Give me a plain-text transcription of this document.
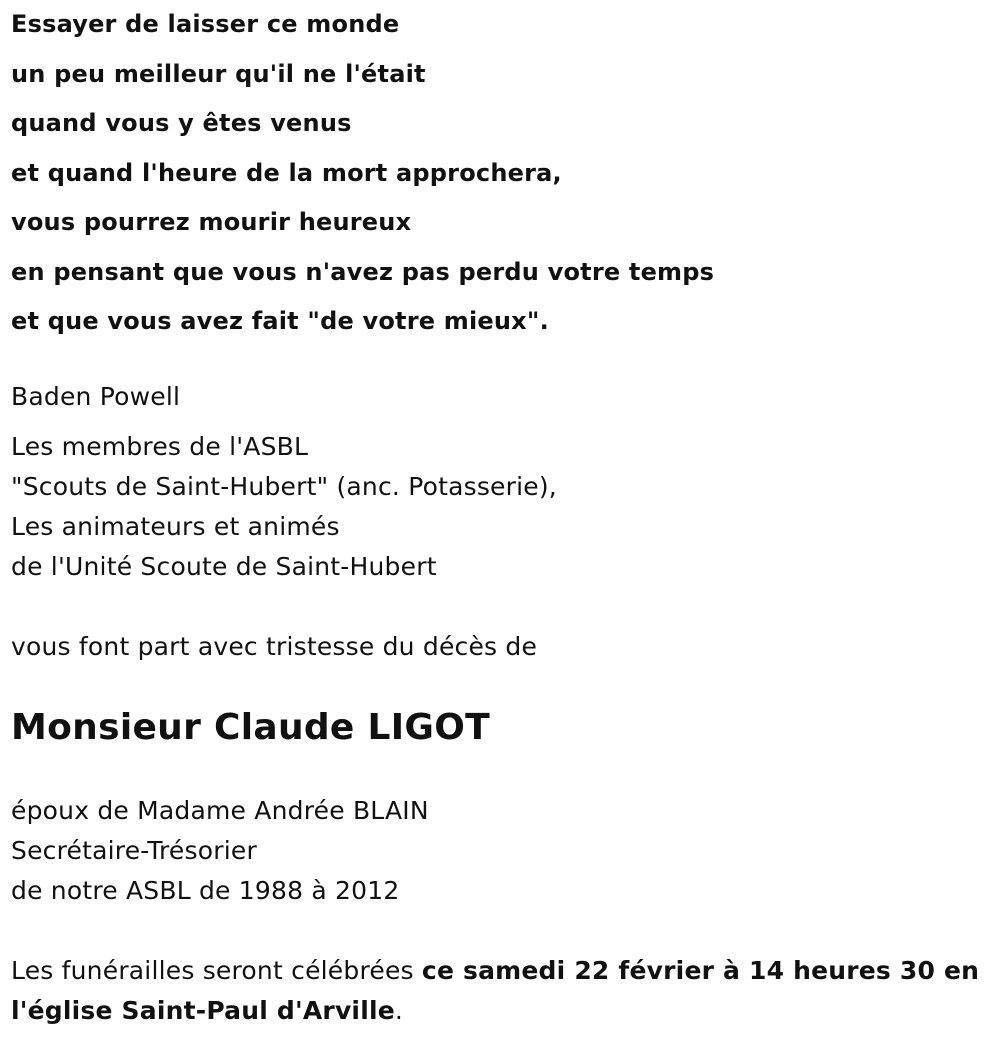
Essayer de laisser ce monde
un peu meilleur qu'il ne l'était
quand vous y êtes venus
et quand l'heure de la mort approchera,
vous pourrez mourir heureux
en pensant que vous n'avez pas perdu votre temps
et que vous avez fait "de votre mieux".
Baden Powell
Les membres de l'ASBL
"Scouts de Saint-Hubert" (anc. Potasserie),
Les animateurs et animés
de l'Unité Scoute de Saint-Hubert
vous font part avec tristesse du décès de
Monsieur Claude LIGOT
époux de Madame Andrée BLAIN
Secrétaire-Trésorier
de notre ASBL de 1988 à 2012
Les funérailles seront célébrées ce samedi 22 février à 14 heures 30 en l'église Saint-Paul d'Arville.
